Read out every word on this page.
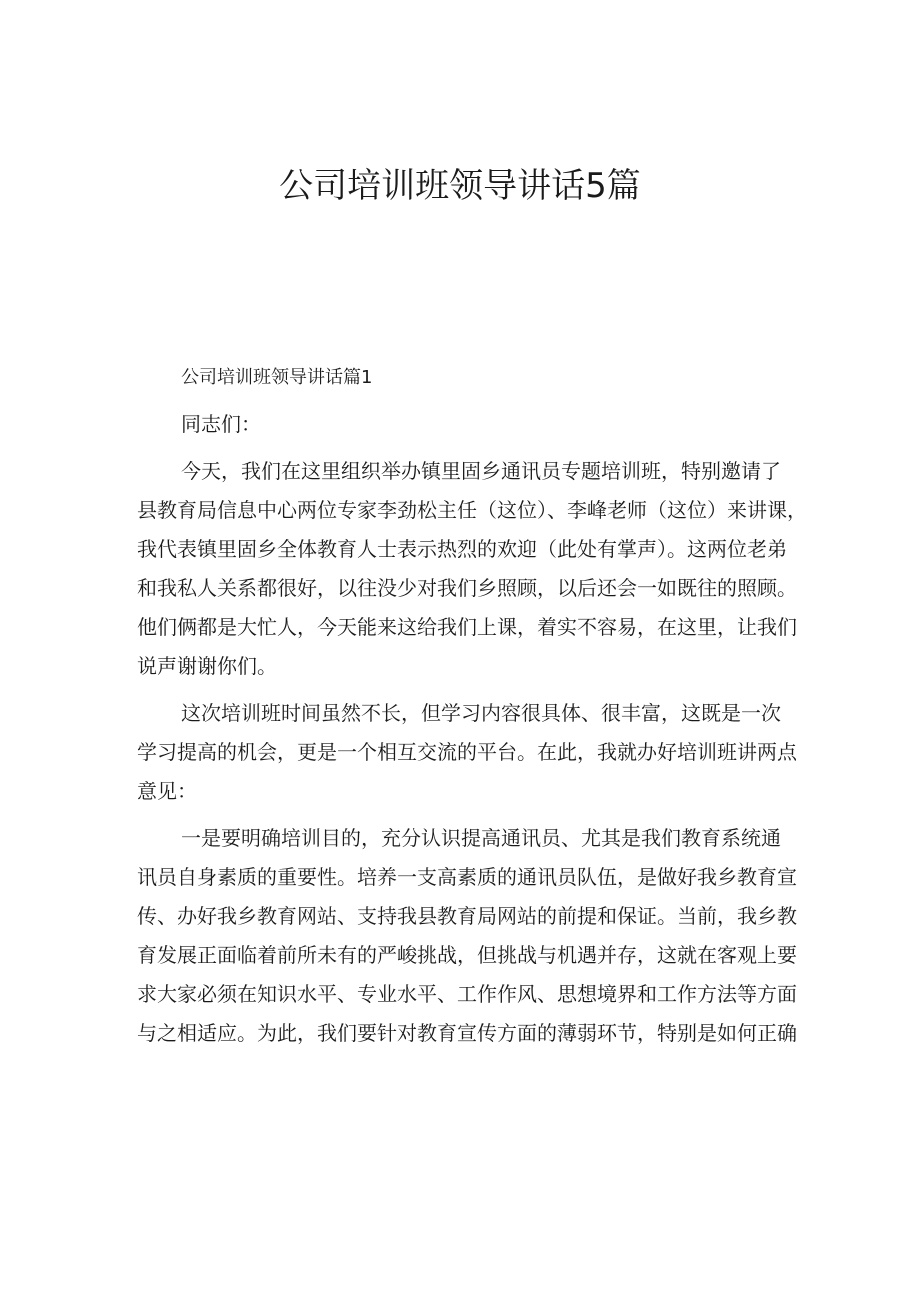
公司培训班领导讲话5篇

公司培训班领导讲话篇1

同志们：

今天，我们在这里组织举办镇里固乡通讯员专题培训班，特别邀请了

县教育局信息中心两位专家李劲松主任（这位）、李峰老师（这位）来讲课，

我代表镇里固乡全体教育人士表示热烈的欢迎（此处有掌声）。这两位老弟

和我私人关系都很好，以往没少对我们乡照顾，以后还会一如既往的照顾。

他们俩都是大忙人，今天能来这给我们上课，着实不容易，在这里，让我们

说声谢谢你们。

这次培训班时间虽然不长，但学习内容很具体、很丰富，这既是一次

学习提高的机会，更是一个相互交流的平台。在此，我就办好培训班讲两点

意见：

一是要明确培训目的，充分认识提高通讯员、尤其是我们教育系统通

讯员自身素质的重要性。培养一支高素质的通讯员队伍，是做好我乡教育宣

传、办好我乡教育网站、支持我县教育局网站的前提和保证。当前，我乡教

育发展正面临着前所未有的严峻挑战，但挑战与机遇并存，这就在客观上要

求大家必须在知识水平、专业水平、工作作风、思想境界和工作方法等方面

与之相适应。为此，我们要针对教育宣传方面的薄弱环节，特别是如何正确
